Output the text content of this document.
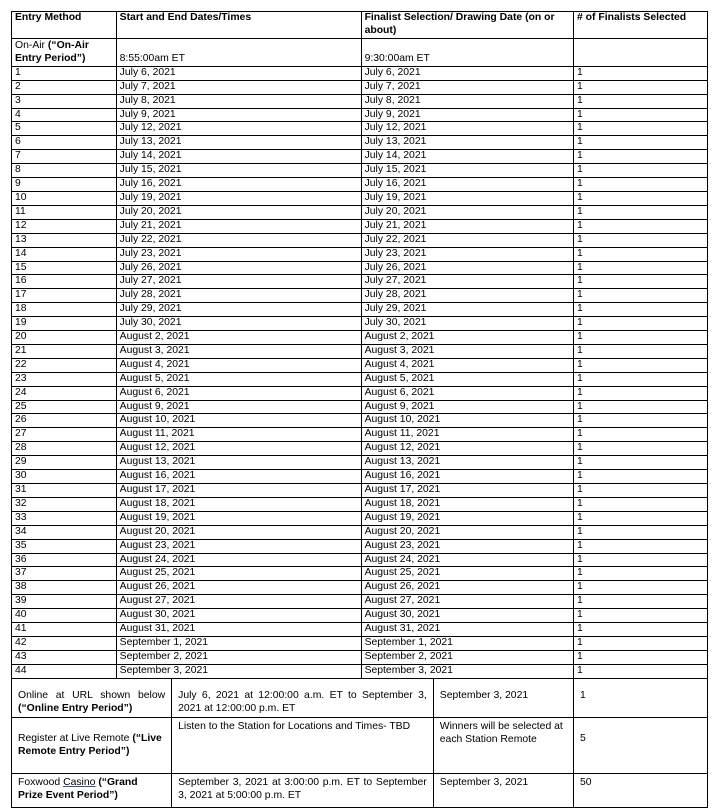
Entry Method	Start and End Dates/Times	Finalist Selection/ Drawing Date (on or about)	# of Finalists Selected
On-Air (“On-Air Entry Period”)	8:55:00am ET	9:30:00am ET	
1	July 6, 2021	July 6, 2021	1
2	July 7, 2021	July 7, 2021	1
3	July 8, 2021	July 8, 2021	1
4	July 9, 2021	July 9, 2021	1
5	July 12, 2021	July 12, 2021	1
6	July 13, 2021	July 13, 2021	1
7	July 14, 2021	July 14, 2021	1
8	July 15, 2021	July 15, 2021	1
9	July 16, 2021	July 16, 2021	1
10	July 19, 2021	July 19, 2021	1
11	July 20, 2021	July 20, 2021	1
12	July 21, 2021	July 21, 2021	1
13	July 22, 2021	July 22, 2021	1
14	July 23, 2021	July 23, 2021	1
15	July 26, 2021	July 26, 2021	1
16	July 27, 2021	July 27, 2021	1
17	July 28, 2021	July 28, 2021	1
18	July 29, 2021	July 29, 2021	1
19	July 30, 2021	July 30, 2021	1
20	August 2, 2021	August 2, 2021	1
21	August 3, 2021	August 3, 2021	1
22	August 4, 2021	August 4, 2021	1
23	August 5, 2021	August 5, 2021	1
24	August 6, 2021	August 6, 2021	1
25	August 9, 2021	August 9, 2021	1
26	August 10, 2021	August 10, 2021	1
27	August 11, 2021	August 11, 2021	1
28	August 12, 2021	August 12, 2021	1
29	August 13, 2021	August 13, 2021	1
30	August 16, 2021	August 16, 2021	1
31	August 17, 2021	August 17, 2021	1
32	August 18, 2021	August 18, 2021	1
33	August 19, 2021	August 19, 2021	1
34	August 20, 2021	August 20, 2021	1
35	August 23, 2021	August 23, 2021	1
36	August 24, 2021	August 24, 2021	1
37	August 25, 2021	August 25, 2021	1
38	August 26, 2021	August 26, 2021	1
39	August 27, 2021	August 27, 2021	1
40	August 30, 2021	August 30, 2021	1
41	August 31, 2021	August 31, 2021	1
42	September 1, 2021	September 1, 2021	1
43	September 2, 2021	September 2, 2021	1
44	September 3, 2021	September 3, 2021	1
Online at URL shown below (“Online Entry Period”)	July 6, 2021 at 12:00:00 a.m. ET to September 3, 2021 at 12:00:00 p.m. ET	September 3, 2021	1
Register at Live Remote (“Live Remote Entry Period”)	Listen to the Station for Locations and Times- TBD	Winners will be selected at each Station Remote	5
Foxwood Casino (“Grand Prize Event Period”)	September 3, 2021 at 3:00:00 p.m. ET to September 3, 2021 at 5:00:00 p.m. ET	September 3, 2021	50
